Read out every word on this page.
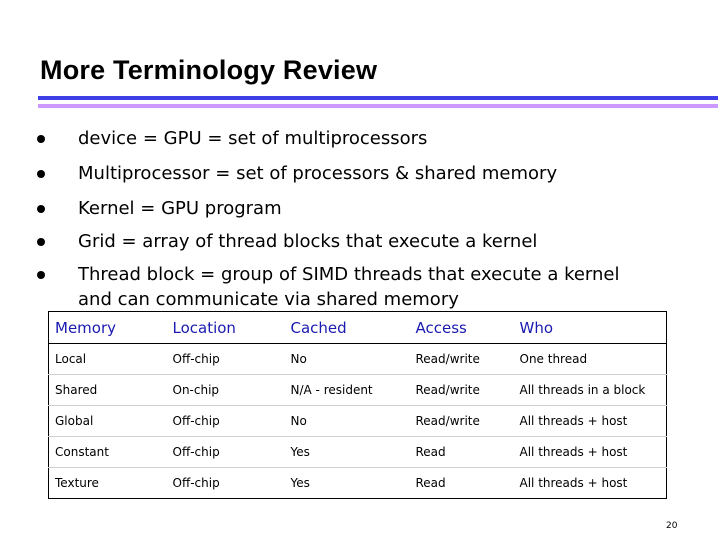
More Terminology Review
device = GPU = set of multiprocessors
Multiprocessor = set of processors & shared memory
Kernel = GPU program
Grid = array of thread blocks that execute a kernel
Thread block = group of SIMD threads that execute a kernel
and can communicate via shared memory
Memory	Location	Cached	Access	Who
Local	Off-chip	No	Read/write	One thread
Shared	On-chip	N/A - resident	Read/write	All threads in a block
Global	Off-chip	No	Read/write	All threads + host
Constant	Off-chip	Yes	Read	All threads + host
Texture	Off-chip	Yes	Read	All threads + host
20
